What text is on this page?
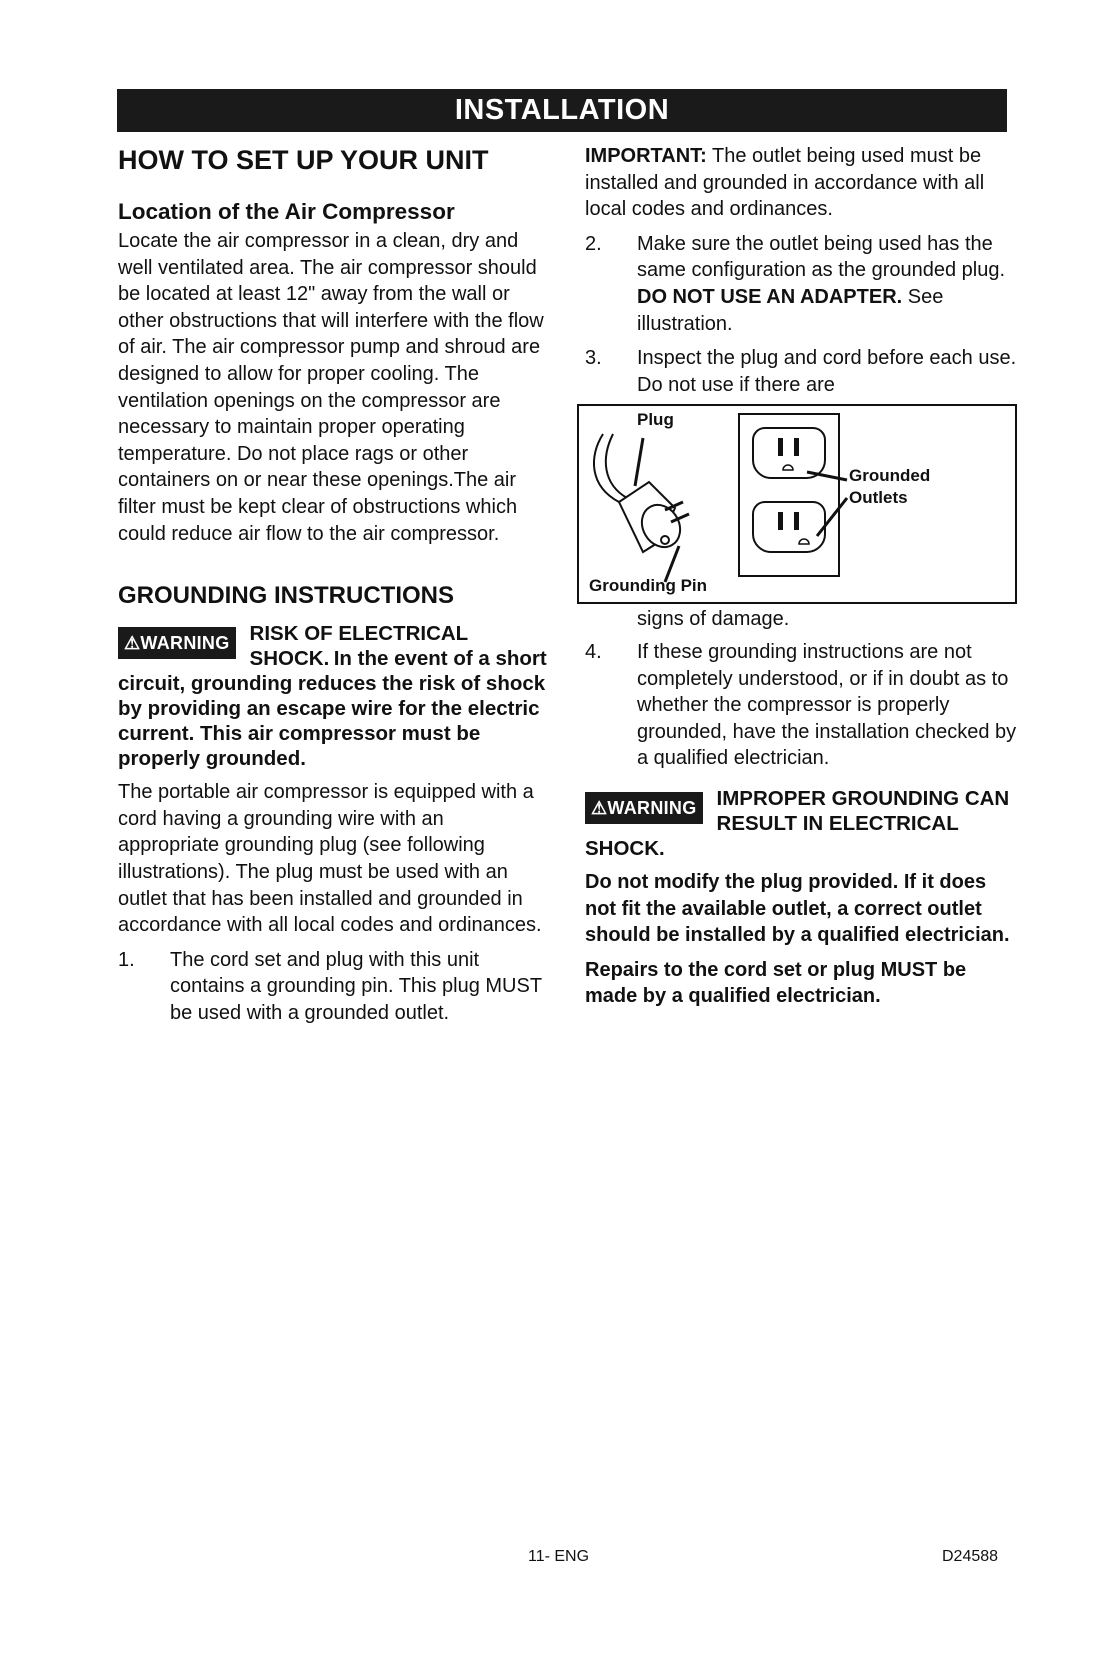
INSTALLATION

HOW TO SET UP YOUR UNIT

Location of the Air Compressor

Locate the air compressor in a clean, dry and well ventilated area. The air compressor should be located at least 12" away from the wall or other obstructions that will interfere with the flow of air. The air compressor pump and shroud are designed to allow for proper cooling. The ventilation openings on the compressor are necessary to maintain proper operating temperature. Do not place rags or other containers on or near these openings.The air filter must be kept clear of obstructions which could reduce air flow to the air compressor.

GROUNDING INSTRUCTIONS

⚠WARNING RISK OF ELECTRICAL SHOCK. In the event of a short circuit, grounding reduces the risk of shock by providing an escape wire for the electric current. This air compressor must be properly grounded.

The portable air compressor is equipped with a cord having a grounding wire with an appropriate grounding plug (see following illustrations). The plug must be used with an outlet that has been installed and grounded in accordance with all local codes and ordinances.

1.	The cord set and plug with this unit contains a grounding pin. This plug MUST be used with a grounded outlet.

IMPORTANT: The outlet being used must be installed and grounded in accordance with all local codes and ordinances.

2.	Make sure the outlet being used has the same configuration as the grounded plug. DO NOT USE AN ADAPTER. See illustration.
3.	Inspect the plug and cord before each use. Do not use if there are
Plug
Grounded
Outlets
Grounding Pin
signs of damage.
4.	If these grounding instructions are not completely understood, or if in doubt as to whether the compressor is properly grounded, have the installation checked by a qualified electrician.
⚠WARNING IMPROPER GROUNDING CAN RESULT IN ELECTRICAL SHOCK.

Do not modify the plug provided. If it does not fit the available outlet, a correct outlet should be installed by a qualified electrician.

Repairs to the cord set or plug MUST be made by a qualified electrician.

11- ENG	D24588
